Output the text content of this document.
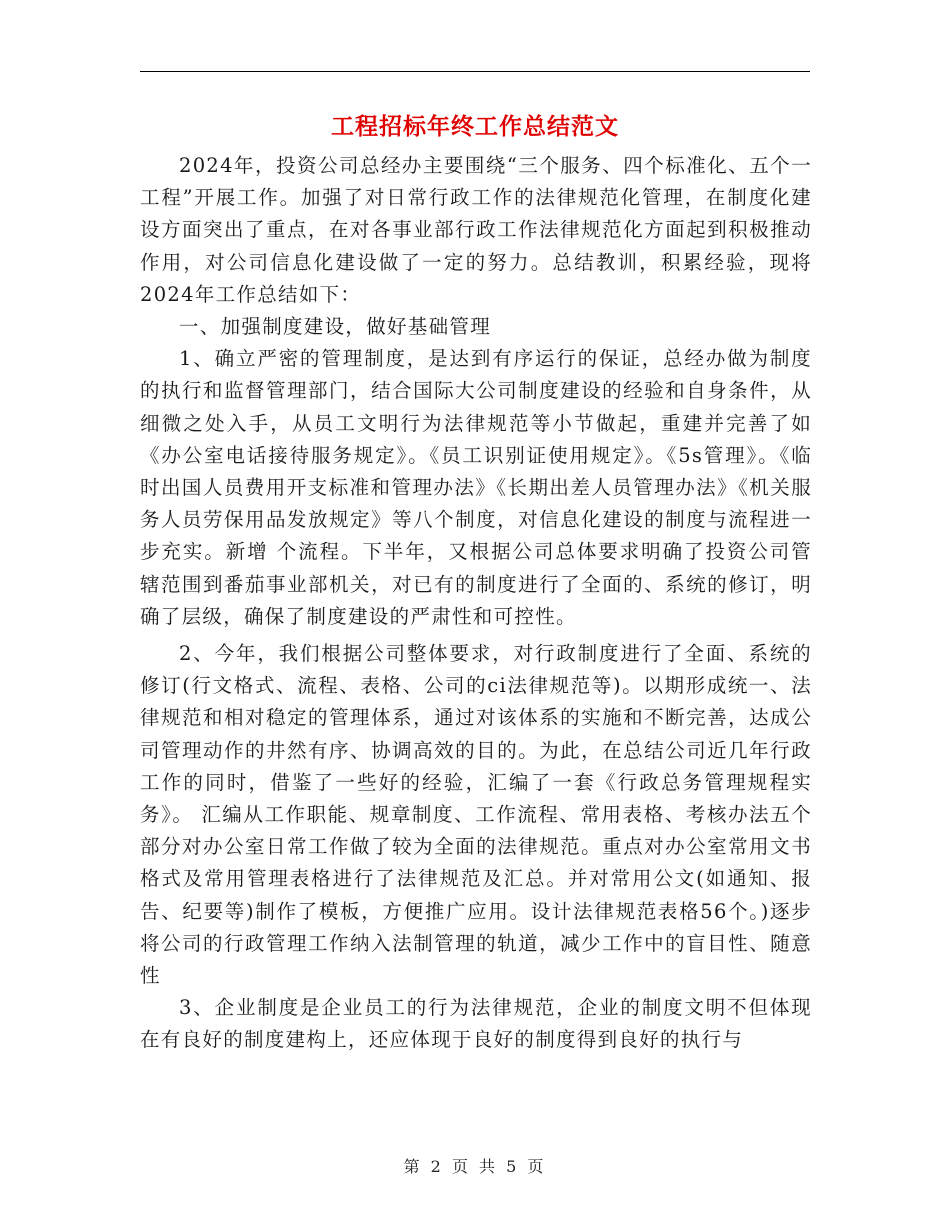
工程招标年终工作总结范文

2024年，投资公司总经办主要围绕“三个服务、四个标准化、五个一工程”开展工作。加强了对日常行政工作的法律规范化管理，在制度化建设方面突出了重点，在对各事业部行政工作法律规范化方面起到积极推动作用，对公司信息化建设做了一定的努力。总结教训，积累经验，现将2024年工作总结如下：

一、加强制度建设，做好基础管理

1、确立严密的管理制度，是达到有序运行的保证，总经办做为制度的执行和监督管理部门，结合国际大公司制度建设的经验和自身条件，从细微之处入手，从员工文明行为法律规范等小节做起，重建并完善了如《办公室电话接待服务规定》。《员工识别证使用规定》。《5s管理》。《临时出国人员费用开支标准和管理办法》《长期出差人员管理办法》《机关服务人员劳保用品发放规定》等八个制度，对信息化建设的制度与流程进一步充实。新增 个流程。下半年，又根据公司总体要求明确了投资公司管辖范围到番茄事业部机关，对已有的制度进行了全面的、系统的修订，明确了层级，确保了制度建设的严肃性和可控性。

2、今年，我们根据公司整体要求，对行政制度进行了全面、系统的修订(行文格式、流程、表格、公司的ci法律规范等)。以期形成统一、法律规范和相对稳定的管理体系，通过对该体系的实施和不断完善，达成公司管理动作的井然有序、协调高效的目的。为此，在总结公司近几年行政工作的同时，借鉴了一些好的经验，汇编了一套《行政总务管理规程实务》。 汇编从工作职能、规章制度、工作流程、常用表格、考核办法五个部分对办公室日常工作做了较为全面的法律规范。重点对办公室常用文书格式及常用管理表格进行了法律规范及汇总。并对常用公文(如通知、报告、纪要等)制作了模板，方便推广应用。设计法律规范表格56个。)逐步将公司的行政管理工作纳入法制管理的轨道，减少工作中的盲目性、随意性

3、企业制度是企业员工的行为法律规范，企业的制度文明不但体现在有良好的制度建构上，还应体现于良好的制度得到良好的执行与

第 2 页 共 5 页
